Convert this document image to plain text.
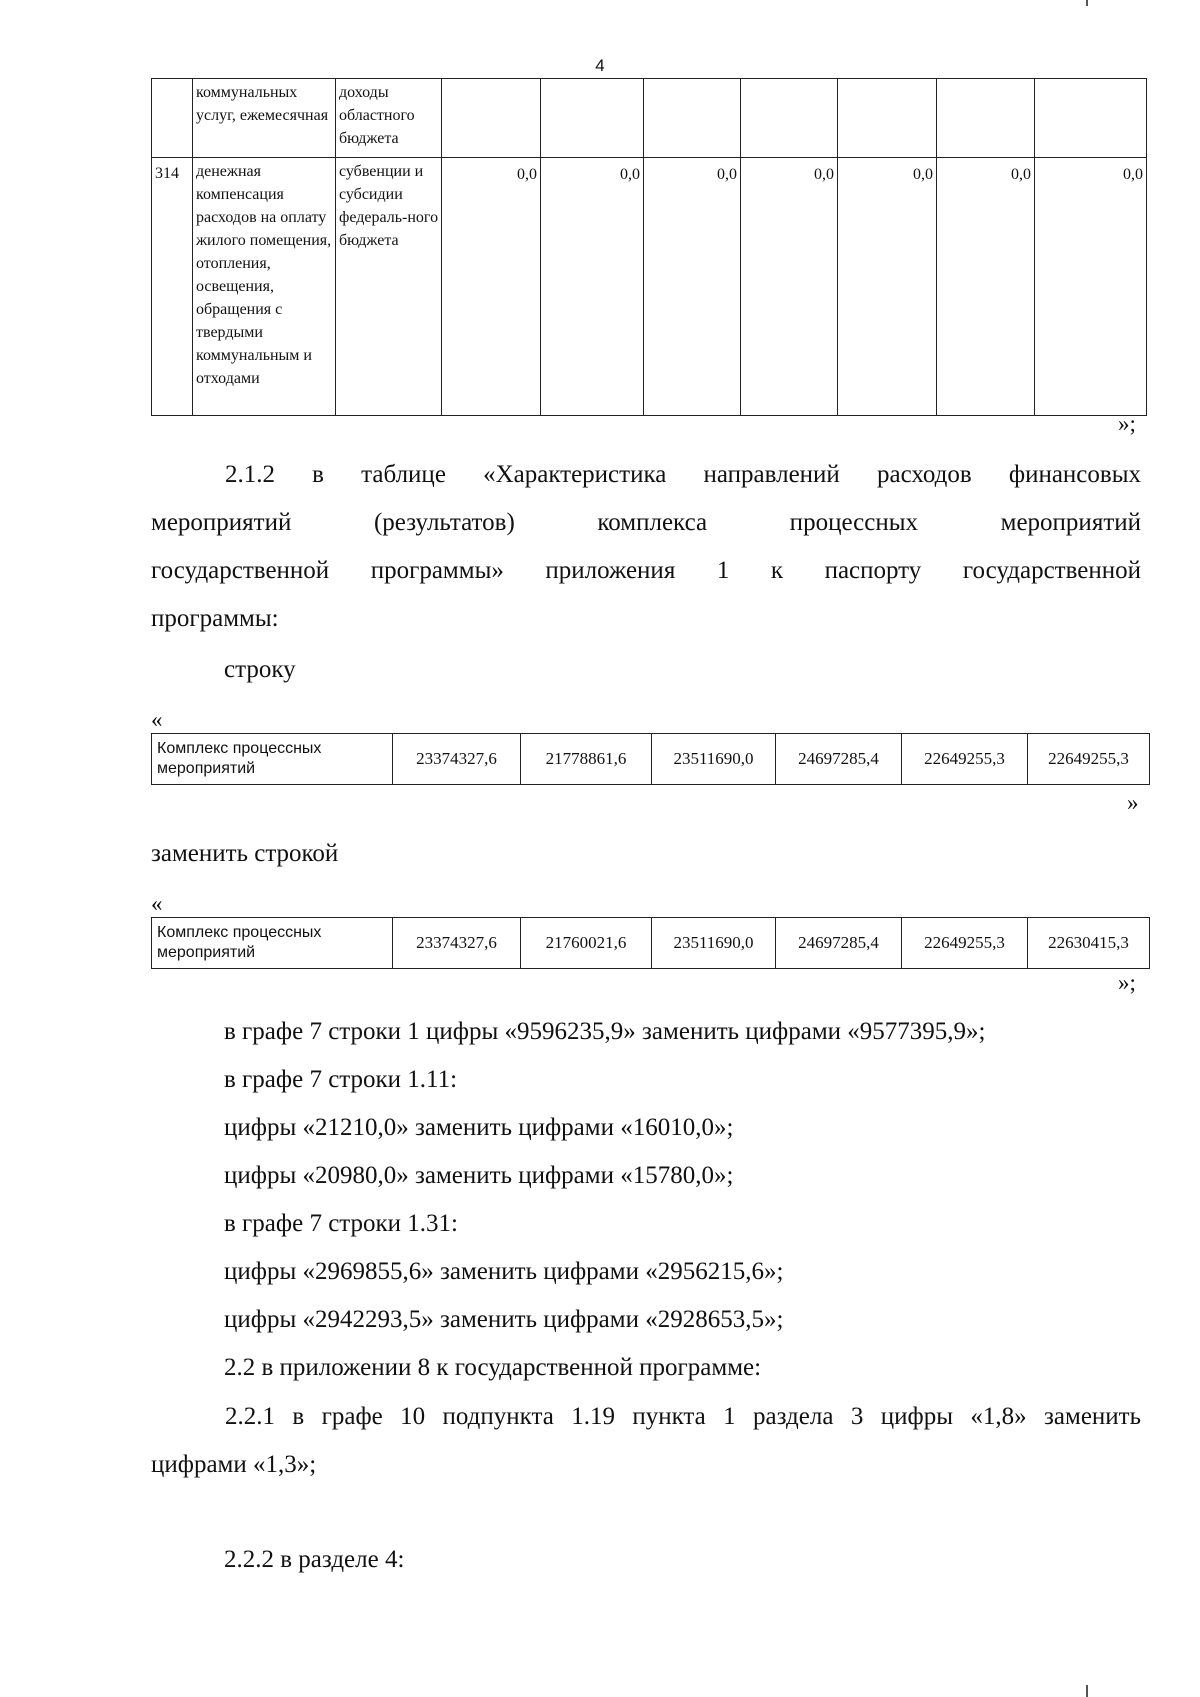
4
	коммунальных услуг, ежемесячная	доходы областного бюджета							
314	денежная компенсация расходов на оплату жилого помещения, отопления, освещения, обращения с твердыми коммунальным и отходами	субвенции и субсидии федераль-ного бюджета	0,0	0,0	0,0	0,0	0,0	0,0	0,0
»;
2.1.2 в таблице «Характеристика направлений расходов финансовых
мероприятий (результатов) комплекса процессных мероприятий
государственной программы» приложения 1 к паспорту государственной
программы:
строку
«
Комплекс процессных мероприятий	23374327,6	21778861,6	23511690,0	24697285,4	22649255,3	22649255,3
»
заменить строкой
«
Комплекс процессных мероприятий	23374327,6	21760021,6	23511690,0	24697285,4	22649255,3	22630415,3
»;
в графе 7 строки 1 цифры «9596235,9» заменить цифрами «9577395,9»;
в графе 7 строки 1.11:
цифры «21210,0» заменить цифрами «16010,0»;
цифры «20980,0» заменить цифрами «15780,0»;
в графе 7 строки 1.31:
цифры «2969855,6» заменить цифрами «2956215,6»;
цифры «2942293,5» заменить цифрами «2928653,5»;
2.2 в приложении 8 к государственной программе:
2.2.1 в графе 10 подпункта 1.19 пункта 1 раздела 3 цифры «1,8» заменить
цифрами «1,3»;
2.2.2 в разделе 4:
